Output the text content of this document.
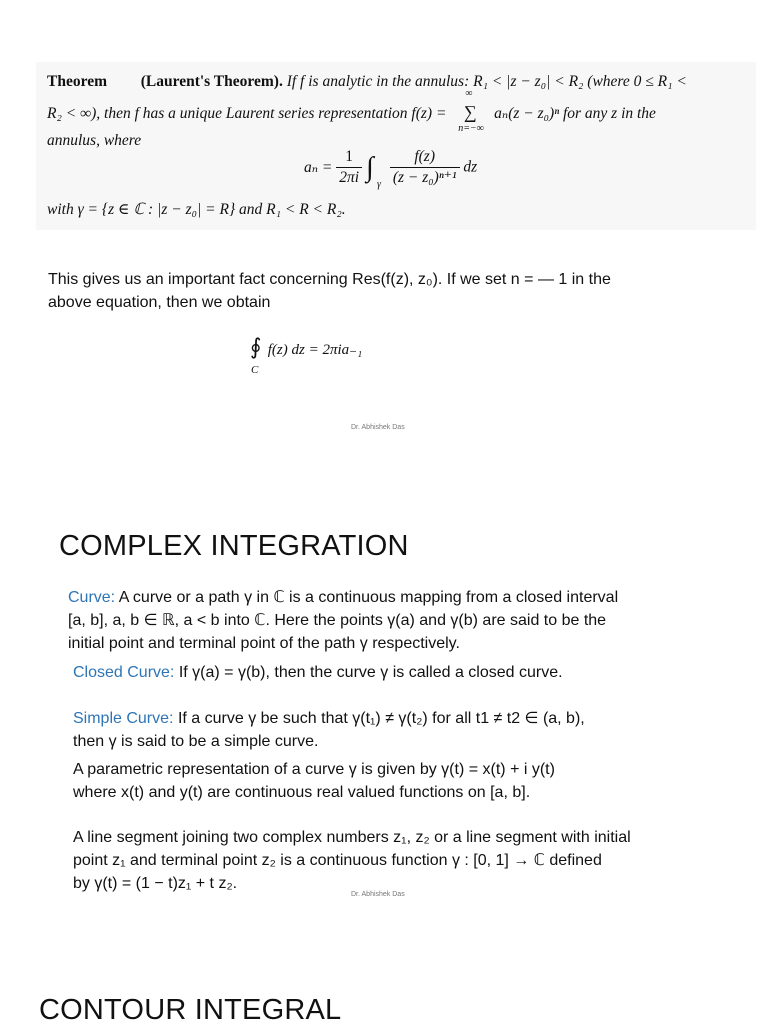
Theorem (Laurent's Theorem). If f is analytic in the annulus: R₁ < |z − z₀| < R₂ (where 0 ≤ R₁ <
R₂ < ∞), then f has a unique Laurent series representation f(z) =
∞
∑
n=−∞
aₙ(z − z₀)ⁿ for any z in the
annulus, where
$a_n = \frac{1}{2\pi i}$ ∫
γ
$\frac{f(z)}{\text{(z − z₀)ⁿ⁺¹}}$ dz
with γ = {z ∈ ℂ : |z − z₀| = R} and R₁ < R < R₂.
This gives us an important fact concerning Res(f(z), z₀). If we set n = — 1 in the
above equation, then we obtain
∮
C
f(z) dz = 2πia₋₁
Dr. Abhishek Das
COMPLEX INTEGRATION
Curve: A curve or a path γ in ℂ is a continuous mapping from a closed interval
[a, b], a, b ∈ ℝ, a < b into ℂ. Here the points γ(a) and γ(b) are said to be the
initial point and terminal point of the path γ respectively.
Closed Curve: If γ(a) = γ(b), then the curve γ is called a closed curve.
Simple Curve: If a curve γ be such that γ(t₁) ≠ γ(t₂) for all t1 ≠ t2 ∈ (a, b),
then γ is said to be a simple curve.
A parametric representation of a curve γ is given by γ(t) = x(t) + i y(t)
where x(t) and y(t) are continuous real valued functions on [a, b].
A line segment joining two complex numbers z₁, z₂ or a line segment with initial
point z₁ and terminal point z₂ is a continuous function γ : [0, 1] → ℂ defined
by γ(t) = (1 − t)z₁ + t z₂.
Dr. Abhishek Das
CONTOUR INTEGRAL
